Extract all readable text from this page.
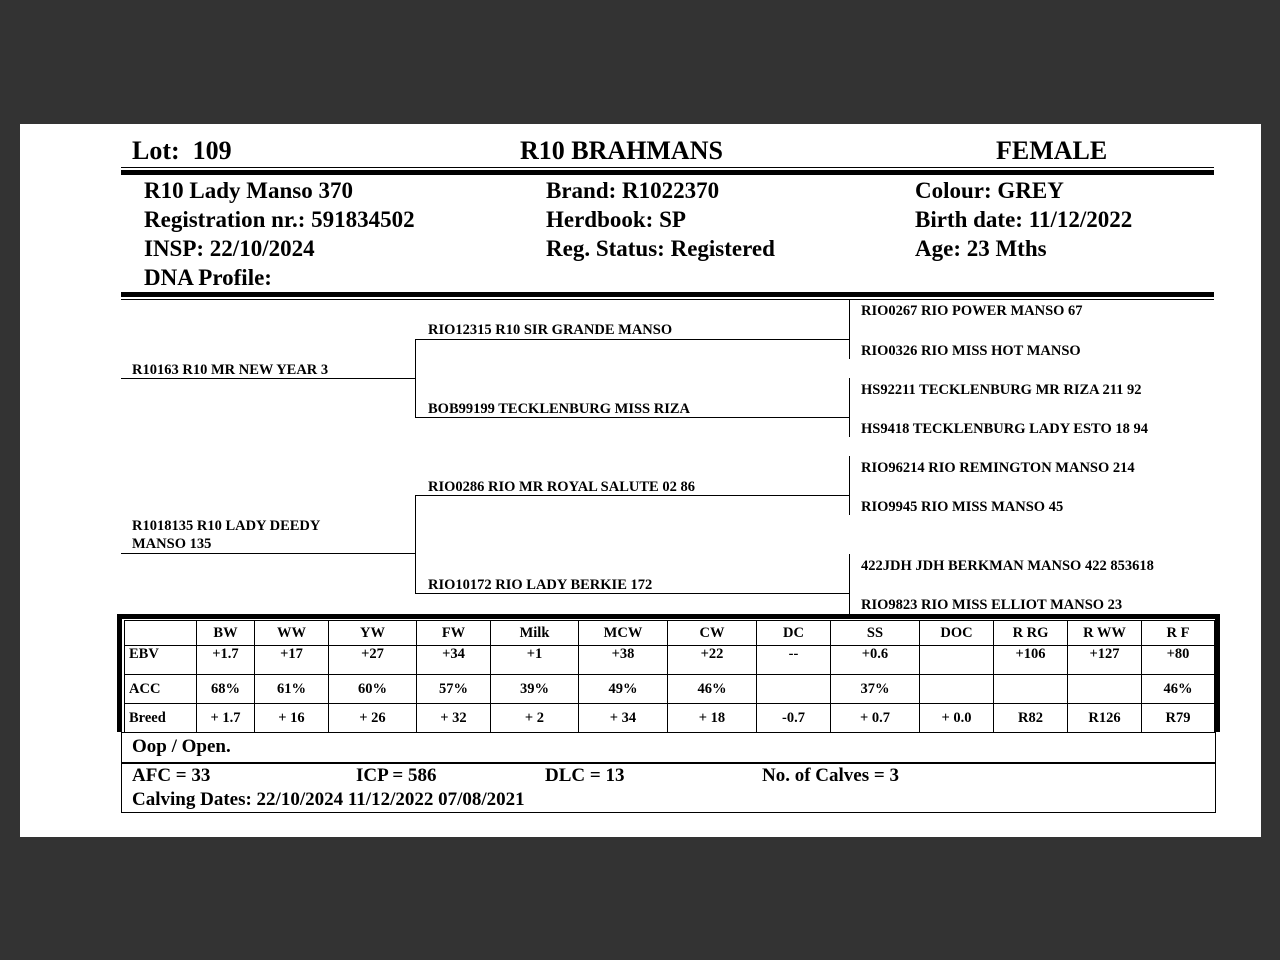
Lot: 109	R10 BRAHMANS	FEMALE
R10 Lady Manso 370
Registration nr.: 591834502
INSP: 22/10/2024
DNA Profile:
Brand: R1022370
Herdbook: SP
Reg. Status: Registered
Colour: GREY
Birth date: 11/12/2022
Age: 23 Mths
R10163 R10 MR NEW YEAR 3
R1018135 R10 LADY DEEDY
MANSO 135
RIO12315 R10 SIR GRANDE MANSO
BOB99199 TECKLENBURG MISS RIZA
RIO0286 RIO MR ROYAL SALUTE 02 86
RIO10172 RIO LADY BERKIE 172
RIO0267 RIO POWER MANSO 67
RIO0326 RIO MISS HOT MANSO
HS92211 TECKLENBURG MR RIZA 211 92
HS9418 TECKLENBURG LADY ESTO 18 94
RIO96214 RIO REMINGTON MANSO 214
RIO9945 RIO MISS MANSO 45
422JDH JDH BERKMAN MANSO 422 853618
RIO9823 RIO MISS ELLIOT MANSO 23
	BW	WW	YW	FW	Milk	MCW	CW	DC	SS	DOC	R RG	R WW	R F
EBV	+1.7	+17	+27	+34	+1	+38	+22	--	+0.6		+106	+127	+80
ACC	68%	61%	60%	57%	39%	49%	46%		37%				46%
Breed	+ 1.7	+ 16	+ 26	+ 32	+ 2	+ 34	+ 18	-0.7	+ 0.7	+ 0.0	R82	R126	R79
Oop / Open.
AFC = 33	ICP = 586	DLC = 13	No. of Calves = 3
Calving Dates: 22/10/2024 11/12/2022 07/08/2021
